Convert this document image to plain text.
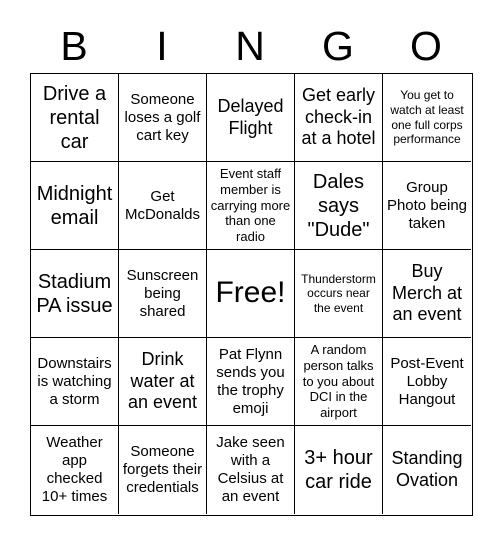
B	I	N	G	O
Drive a rental car
Someone loses a golf cart key
Delayed Flight
Get early check-in at a hotel
You get to watch at least one full corps performance
Midnight email
Get McDonalds
Event staff member is carrying more than one radio
Dales says "Dude"
Group Photo being taken
Stadium PA issue
Sunscreen being shared
Free!	Thunderstorm occurs near the event
Buy Merch at an event
Downstairs is watching a storm
Drink water at an event
Pat Flynn sends you the trophy emoji
A random person talks to you about DCI in the airport
Post-Event Lobby Hangout
Weather app checked 10+ times
Someone forgets their credentials
Jake seen with a Celsius at an event
3+ hour car ride
Standing Ovation
